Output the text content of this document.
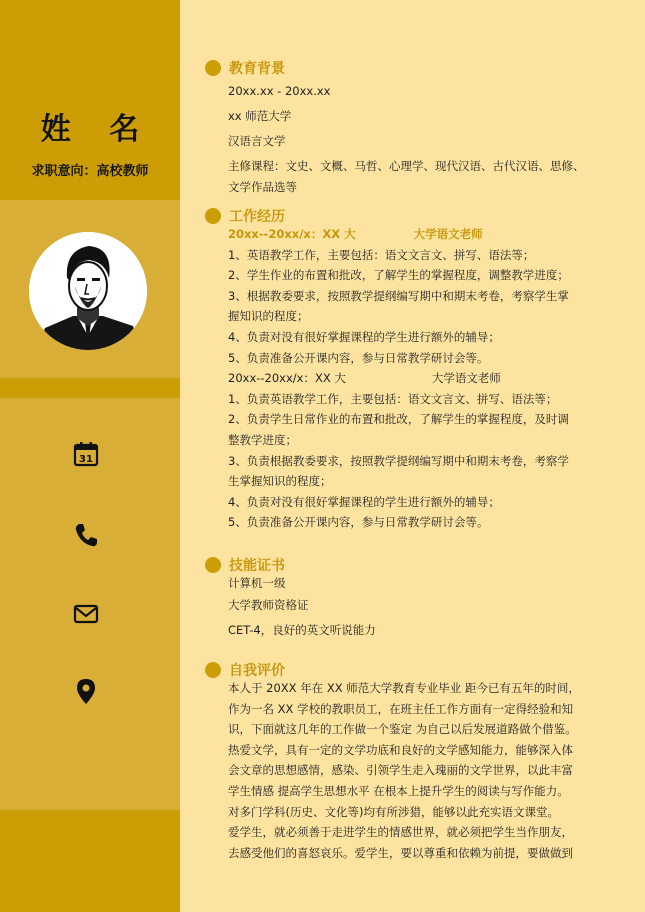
姓 名
求职意向：高校教师
31
教育背景
20xx.xx - 20xx.xx
xx 师范大学
汉语言文学
主修课程：文史、文概、马哲、心理学、现代汉语、古代汉语、思修、
文学作品选等
工作经历
20xx--20xx/x：XX 大	大学语文老师
1、英语教学工作，主要包括：语文文言文、拼写、语法等；
2、学生作业的布置和批改，了解学生的掌握程度，调整教学进度；
3、根据教委要求，按照教学提纲编写期中和期末考卷，考察学生掌
握知识的程度；
4、负责对没有很好掌握课程的学生进行额外的辅导；
5、负责准备公开课内容，参与日常教学研讨会等。
20xx--20xx/x：XX 大	大学语文老师
1、负责英语教学工作，主要包括：语文文言文、拼写、语法等；
2、负责学生日常作业的布置和批改，了解学生的掌握程度，及时调
整教学进度；
3、负责根据教委要求，按照教学提纲编写期中和期末考卷，考察学
生掌握知识的程度；
4、负责对没有很好掌握课程的学生进行额外的辅导；
5、负责准备公开课内容，参与日常教学研讨会等。
技能证书
计算机一级
大学教师资格证
CET-4，良好的英文听说能力
自我评价
本人于 20XX 年在 XX 师范大学教育专业毕业 距今已有五年的时间，
作为一名 XX 学校的教职员工，在班主任工作方面有一定得经验和知
识，下面就这几年的工作做一个鉴定 为自己以后发展道路做个借鉴。
热爱文学，具有一定的文学功底和良好的文学感知能力，能够深入体
会文章的思想感情，感染、引领学生走入瑰丽的文学世界，以此丰富
学生情感 提高学生思想水平 在根本上提升学生的阅读与写作能力。
对多门学科(历史、文化等)均有所涉猎，能够以此充实语文课堂。
爱学生，就必须善于走进学生的情感世界，就必须把学生当作朋友，
去感受他们的喜怒哀乐。爱学生，要以尊重和依赖为前提，要做做到
